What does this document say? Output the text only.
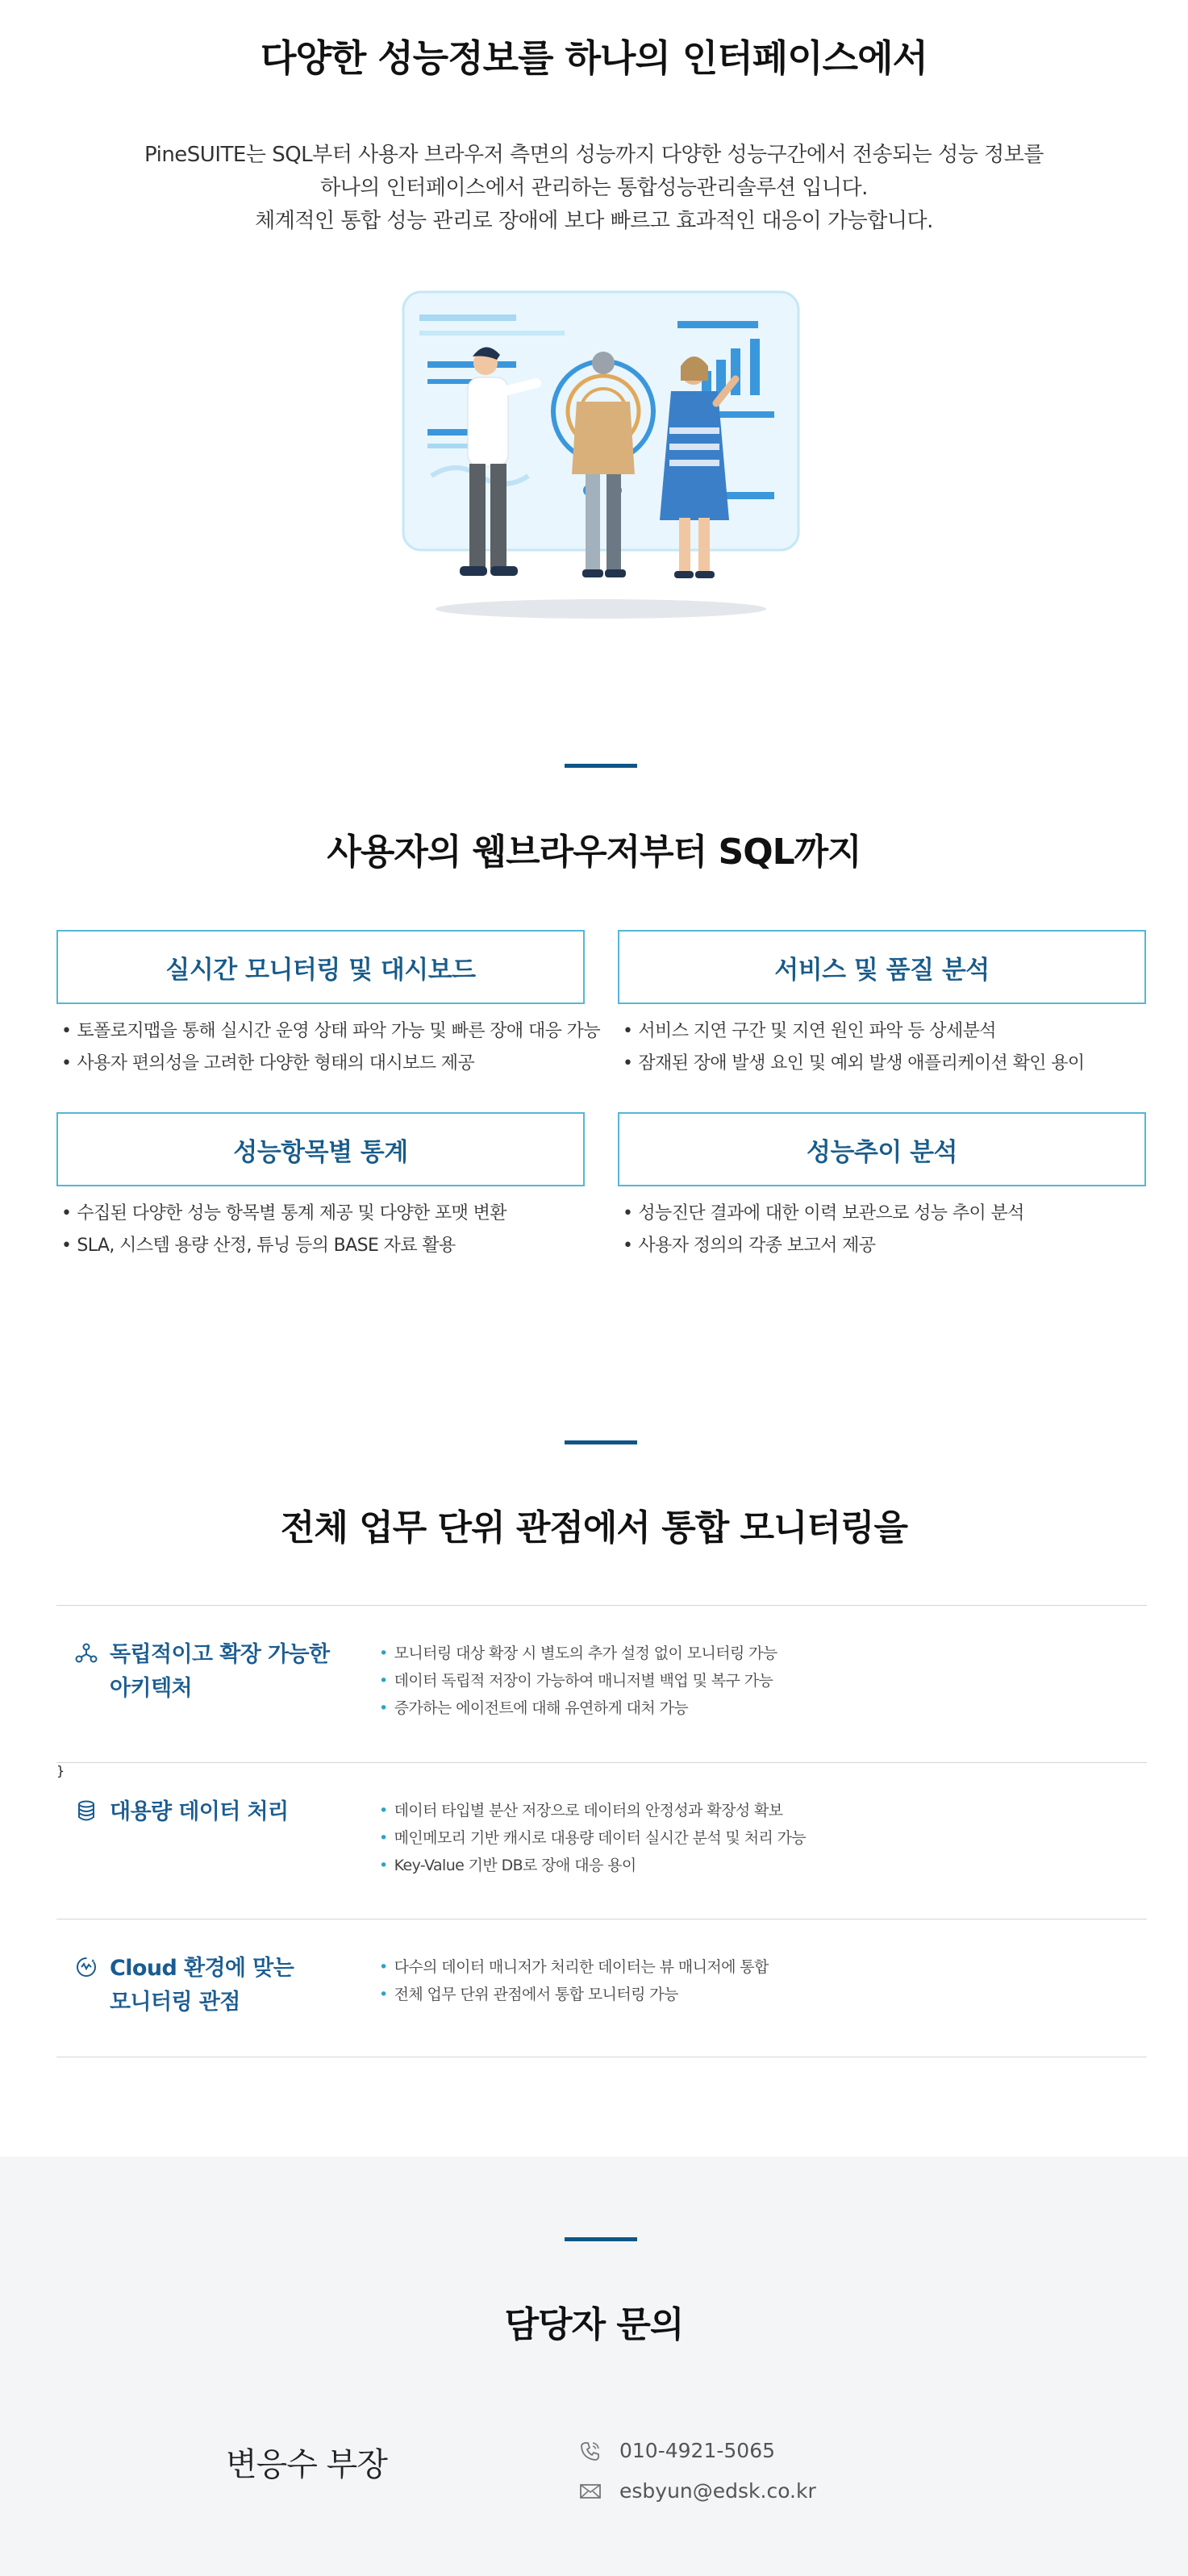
다양한 성능정보를 하나의 인터페이스에서
PineSUITE는 SQL부터 사용자 브라우저 측면의 성능까지 다양한 성능구간에서 전송되는 성능 정보를
하나의 인터페이스에서 관리하는 통합성능관리솔루션 입니다.
체계적인 통합 성능 관리로 장애에 보다 빠르고 효과적인 대응이 가능합니다.
사용자의 웹브라우저부터 SQL까지
실시간 모니터링 및 대시보드
• 토폴로지맵을 통해 실시간 운영 상태 파악 가능 및 빠른 장애 대응 가능
• 사용자 편의성을 고려한 다양한 형태의 대시보드 제공
서비스 및 품질 분석
• 서비스 지연 구간 및 지연 원인 파악 등 상세분석
• 잠재된 장애 발생 요인 및 예외 발생 애플리케이션 확인 용이
성능항목별 통계
• 수집된 다양한 성능 항목별 통계 제공 및 다양한 포맷 변환
• SLA, 시스템 용량 산정, 튜닝 등의 BASE 자료 활용
성능추이 분석
• 성능진단 결과에 대한 이력 보관으로 성능 추이 분석
• 사용자 정의의 각종 보고서 제공
전체 업무 단위 관점에서 통합 모니터링을
독립적이고 확장 가능한
아키텍처
• 모니터링 대상 확장 시 별도의 추가 설정 없이 모니터링 가능
• 데이터 독립적 저장이 가능하여 매니저별 백업 및 복구 가능
• 증가하는 에이전트에 대해 유연하게 대처 가능
대용량 데이터 처리
•	데이터 타입별 분산 저장으로 데이터의 안정성과 확장성 확보
• 메인메모리 기반 캐시로 대용량 데이터 실시간 분석 및 처리 가능
• Key-Value 기반 DB로 장애 대응 용이
}
Cloud 환경에 맞는
모니터링 관점
• 다수의 데이터 매니저가 처리한 데이터는 뷰 매니저에 통합
• 전체 업무 단위 관점에서 통합 모니터링 가능
담당자 문의
변응수 부장	010-4921-5065
esbyun@edsk.co.kr
